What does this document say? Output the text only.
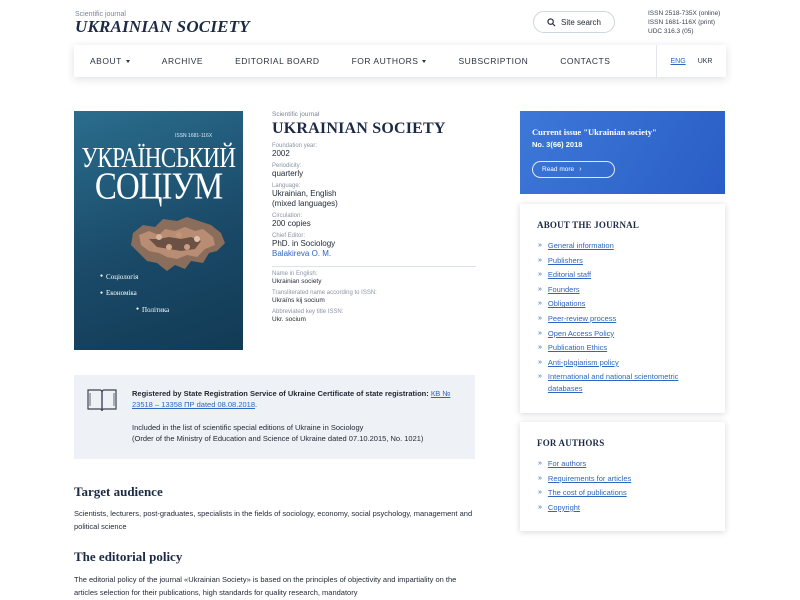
Scientific journal
UKRAINIAN SOCIETY	Site search
ISSN 2518-735X (online)
ISSN 1681-116X (print)
UDC 316.3 (05)
ABOUT	ARCHIVE	EDITORIAL BOARD	FOR AUTHORS	SUBSCRIPTION	CONTACTS	ENG UKR
ISSN 1681-116X
УКРАЇНСЬКИЙ
СОЦІУМ
● Соціологія
● Економіка
● Політика
Scientific journal
UKRAINIAN SOCIETY
Foundation year:
2002
Periodicity:
quarterly
Language:
Ukrainian, English (mixed languages)
Circulation:
200 copies
Chief Editor:
PhD. in Sociology
Balakireva O. M.
Name in English:
Ukrainian society
Transliterated name according to ISSN:
Ukraïns kij socium
Abbreviated key title ISSN:
Ukr. socium
Registered by State Registration Service of Ukraine Certificate of state registration: КВ № 23518 – 13358 ПР dated 08.08.2018.
Included in the list of scientific special editions of Ukraine in Sociology
(Order of the Ministry of Education and Science of Ukraine dated 07.10.2015, No. 1021)
Target audience
Scientists, lecturers, post-graduates, specialists in the fields of sociology, economy, social psychology, management and political science
The editorial policy
The editorial policy of the journal «Ukrainian Society» is based on the principles of objectivity and impartiality on the articles selection for their publications, high standards for quality research, mandatory
Current issue "Ukrainian society"
No. 3(66) 2018
Read more ›
ABOUT THE JOURNAL
» General information
» Publishers
» Editorial staff
» Founders
» Obligations
» Peer-review process
» Open Access Policy
» Publication Ethics
» Anti-plagiarism policy
» International and national scientometric databases
FOR AUTHORS
» For authors
» Requirements for articles
» The cost of publications
» Copyright
